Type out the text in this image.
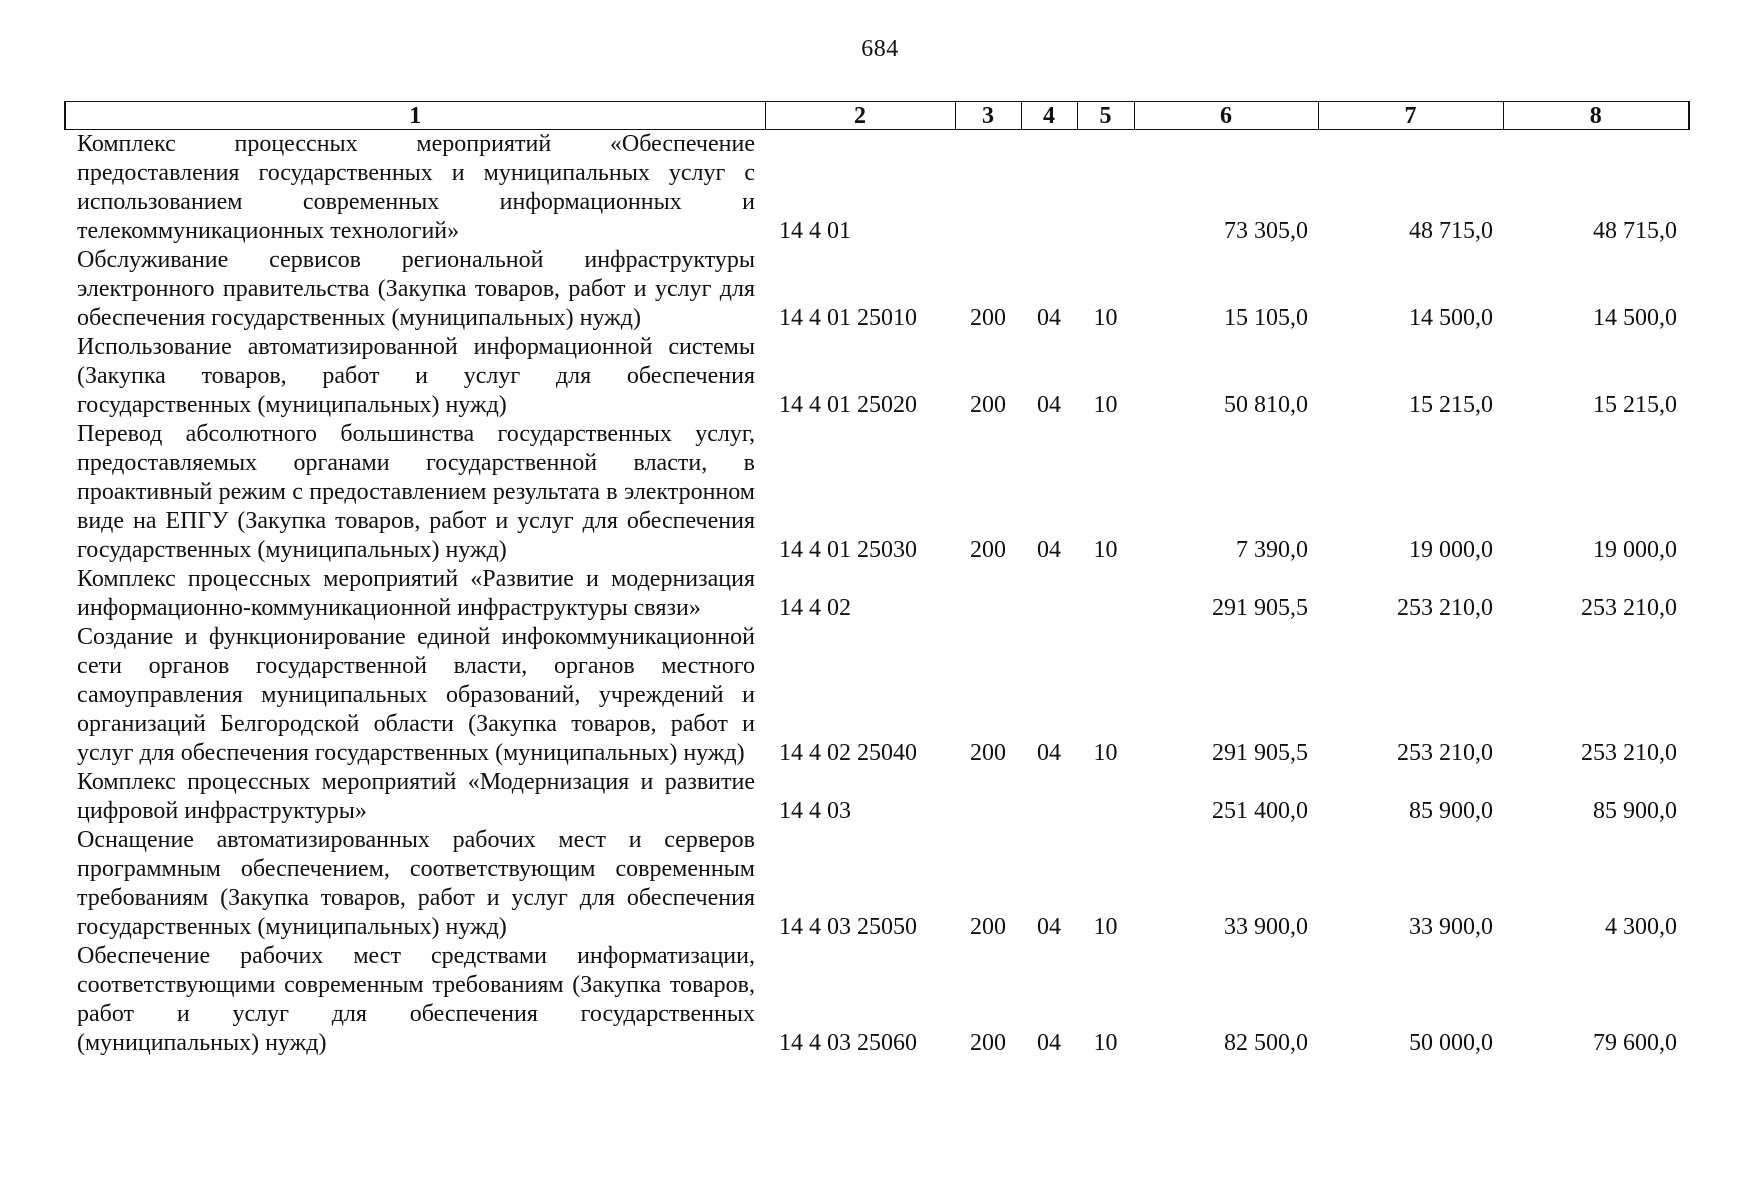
684
1	2	3	4	5	6	7	8
Комплекс процессных мероприятий «Обеспечение предоставления государственных и муниципальных услуг с использованием современных информационных и телекоммуникационных технологий»	14 4 01				73 305,0	48 715,0	48 715,0
Обслуживание сервисов региональной инфраструктуры электронного правительства (Закупка товаров, работ и услуг для обеспечения государственных (муниципальных) нужд)	14 4 01 25010	200	04	10	15 105,0	14 500,0	14 500,0
Использование автоматизированной информационной системы (Закупка товаров, работ и услуг для обеспечения государственных (муниципальных) нужд)	14 4 01 25020	200	04	10	50 810,0	15 215,0	15 215,0
Перевод абсолютного большинства государственных услуг, предоставляемых органами государственной власти, в проактивный режим с предоставлением результата в электронном виде на ЕПГУ (Закупка товаров, работ и услуг для обеспечения государственных (муниципальных) нужд)	14 4 01 25030	200	04	10	7 390,0	19 000,0	19 000,0
Комплекс процессных мероприятий «Развитие и модернизация информационно-коммуникационной инфраструктуры связи»	14 4 02				291 905,5	253 210,0	253 210,0
Создание и функционирование единой инфокоммуникационной сети органов государственной власти, органов местного самоуправления муниципальных образований, учреждений и организаций Белгородской области (Закупка товаров, работ и услуг для обеспечения государственных (муниципальных) нужд)	14 4 02 25040	200	04	10	291 905,5	253 210,0	253 210,0
Комплекс процессных мероприятий «Модернизация и развитие цифровой инфраструктуры»	14 4 03				251 400,0	85 900,0	85 900,0
Оснащение автоматизированных рабочих мест и серверов программным обеспечением, соответствующим современным требованиям (Закупка товаров, работ и услуг для обеспечения государственных (муниципальных) нужд)	14 4 03 25050	200	04	10	33 900,0	33 900,0	4 300,0
Обеспечение рабочих мест средствами информатизации, соответствующими современным требованиям (Закупка товаров, работ и услуг для обеспечения государственных (муниципальных) нужд)	14 4 03 25060	200	04	10	82 500,0	50 000,0	79 600,0
